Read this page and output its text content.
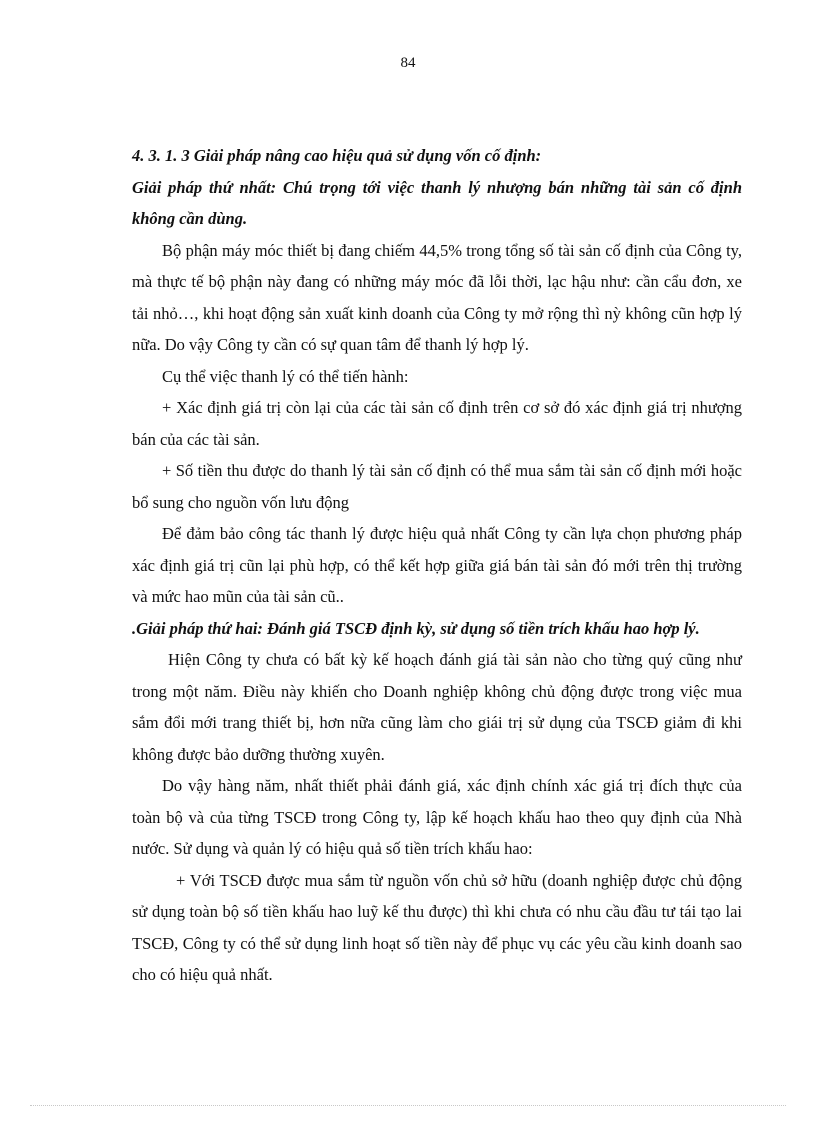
84

4. 3. 1. 3 Giải pháp nâng cao hiệu quả sử dụng vốn cố định:

Giải pháp thứ nhất: Chú trọng tới việc thanh lý nhượng bán những tài sản cố định không cần dùng.

Bộ phận máy móc thiết bị đang chiếm 44,5% trong tổng số tài sản cố định của Công ty, mà thực tế bộ phận này đang có những máy móc đã lỗi thời, lạc hậu như: cần cẩu đơn, xe tải nhỏ…, khi hoạt động sản xuất kinh doanh của Công ty mở rộng thì nỳ không cũn hợp lý nữa. Do vậy Công ty cần có sự quan tâm để thanh lý hợp lý.

Cụ thể việc thanh lý có thể tiến hành:

+ Xác định giá trị còn lại của các tài sản cố định trên cơ sở đó xác định giá trị nhượng bán của các tài sản.

+ Số tiền thu được do thanh lý tài sản cố định có thể mua sắm tài sản cố định mới hoặc bổ sung cho nguồn vốn lưu động

Để đảm bảo công tác thanh lý được hiệu quả nhất Công ty cần lựa chọn phương pháp xác định giá trị cũn lại phù hợp, có thể kết hợp giữa giá bán tài sản đó mới trên thị trường và mức hao mũn của tài sản cũ..

.Giải pháp thứ hai: Đánh giá TSCĐ định kỳ, sử dụng số tiền trích khấu hao hợp lý.

Hiện Công ty chưa có bất kỳ kế hoạch đánh giá tài sản nào cho từng quý cũng như trong một năm. Điều này khiến cho Doanh nghiệp không chủ động được trong việc mua sắm đổi mới trang thiết bị, hơn nữa cũng làm cho giái trị sử dụng của TSCĐ giảm đi khi không được bảo dưỡng thường xuyên.

Do vậy hàng năm, nhất thiết phải đánh giá, xác định chính xác giá trị đích thực của toàn bộ và của từng TSCĐ trong Công ty, lập kế hoạch khấu hao theo quy định của Nhà nước. Sử dụng và quản lý có hiệu quả số tiền trích khấu hao:

+ Với TSCĐ được mua sắm từ nguồn vốn chủ sở hữu (doanh nghiệp được chủ động sử dụng toàn bộ số tiền khấu hao luỹ kế thu được) thì khi chưa có nhu cầu đầu tư tái tạo lai TSCĐ, Công ty có thể sử dụng linh hoạt số tiền này để phục vụ các yêu cầu kinh doanh sao cho có hiệu quả nhất.
